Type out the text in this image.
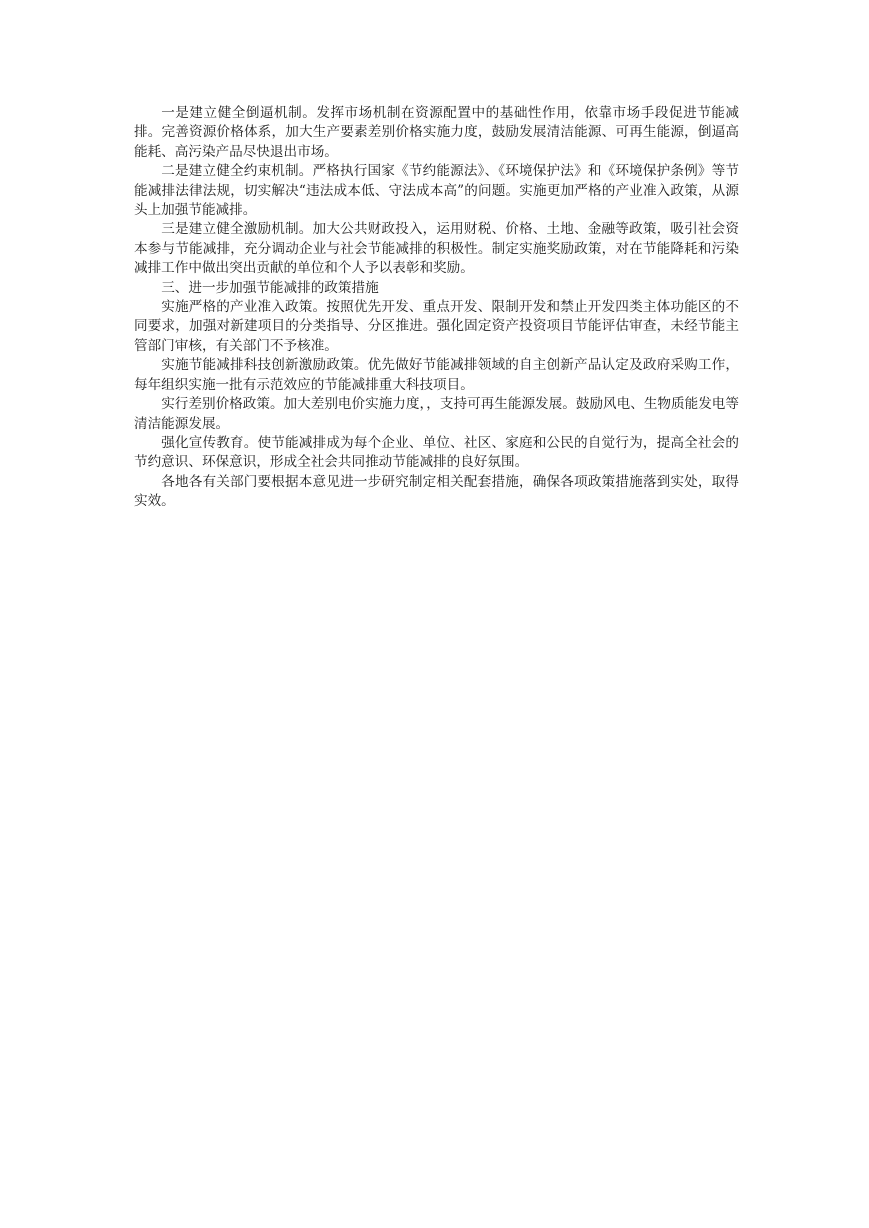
一是建立健全倒逼机制。发挥市场机制在资源配置中的基础性作用，依靠市场手段促进节能减排。完善资源价格体系，加大生产要素差别价格实施力度，鼓励发展清洁能源、可再生能源，倒逼高能耗、高污染产品尽快退出市场。

二是建立健全约束机制。严格执行国家《节约能源法》、《环境保护法》和《环境保护条例》等节能减排法律法规，切实解决“违法成本低、守法成本高”的问题。实施更加严格的产业准入政策，从源头上加强节能减排。

三是建立健全激励机制。加大公共财政投入，运用财税、价格、土地、金融等政策，吸引社会资本参与节能减排，充分调动企业与社会节能减排的积极性。制定实施奖励政策，对在节能降耗和污染减排工作中做出突出贡献的单位和个人予以表彰和奖励。

三、进一步加强节能减排的政策措施

实施严格的产业准入政策。按照优先开发、重点开发、限制开发和禁止开发四类主体功能区的不同要求，加强对新建项目的分类指导、分区推进。强化固定资产投资项目节能评估审查，未经节能主管部门审核，有关部门不予核准。

实施节能减排科技创新激励政策。优先做好节能减排领域的自主创新产品认定及政府采购工作，每年组织实施一批有示范效应的节能减排重大科技项目。

实行差别价格政策。加大差别电价实施力度，，支持可再生能源发展。鼓励风电、生物质能发电等清洁能源发展。

强化宣传教育。使节能减排成为每个企业、单位、社区、家庭和公民的自觉行为，提高全社会的节约意识、环保意识，形成全社会共同推动节能减排的良好氛围。

各地各有关部门要根据本意见进一步研究制定相关配套措施，确保各项政策措施落到实处，取得实效。
